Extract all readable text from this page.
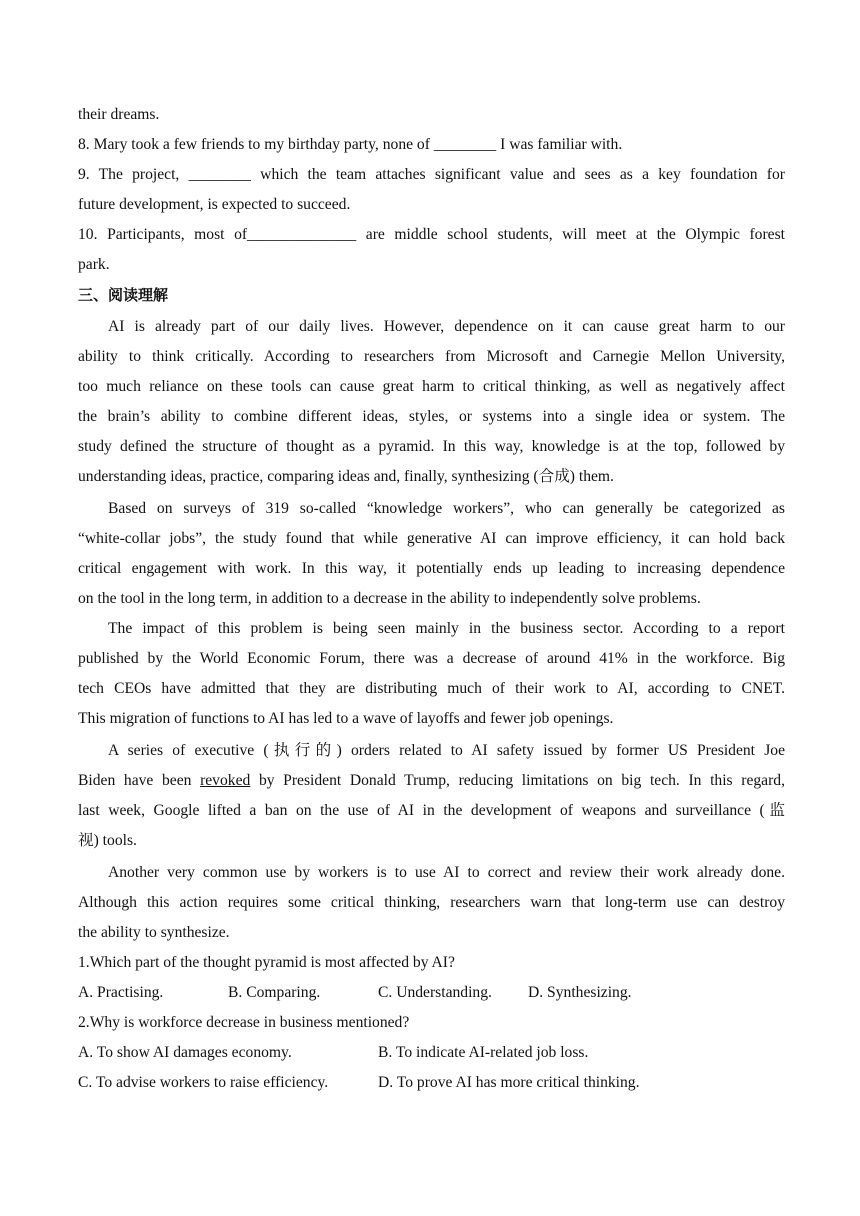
their dreams.
8. Mary took a few friends to my birthday party, none of ________ I was familiar with.
9. The project, ________ which the team attaches significant value and sees as a key foundation for
future development, is expected to succeed.
10. Participants, most of______________ are middle school students, will meet at the Olympic forest
park.
三、阅读理解
AI is already part of our daily lives. However, dependence on it can cause great harm to our
ability to think critically. According to researchers from Microsoft and Carnegie Mellon University,
too much reliance on these tools can cause great harm to critical thinking, as well as negatively affect
the brain’s ability to combine different ideas, styles, or systems into a single idea or system. The
study defined the structure of thought as a pyramid. In this way, knowledge is at the top, followed by
understanding ideas, practice, comparing ideas and, finally, synthesizing (合成) them.
Based on surveys of 319 so-called “knowledge workers”, who can generally be categorized as
“white-collar jobs”, the study found that while generative AI can improve efficiency, it can hold back
critical engagement with work. In this way, it potentially ends up leading to increasing dependence
on the tool in the long term, in addition to a decrease in the ability to independently solve problems.
The impact of this problem is being seen mainly in the business sector. According to a report
published by the World Economic Forum, there was a decrease of around 41% in the workforce. Big
tech CEOs have admitted that they are distributing much of their work to AI, according to CNET.
This migration of functions to AI has led to a wave of layoffs and fewer job openings.
A series of executive (执行的) orders related to AI safety issued by former US President Joe
Biden have been revoked by President Donald Trump, reducing limitations on big tech. In this regard,
last week, Google lifted a ban on the use of AI in the development of weapons and surveillance (监
视) tools.
Another very common use by workers is to use AI to correct and review their work already done.
Although this action requires some critical thinking, researchers warn that long-term use can destroy
the ability to synthesize.
1.Which part of the thought pyramid is most affected by AI?
A. Practising.	B. Comparing.	C. Understanding.	D. Synthesizing.
2.Why is workforce decrease in business mentioned?
A. To show AI damages economy.	B. To indicate AI-related job loss.
C. To advise workers to raise efficiency.	D. To prove AI has more critical thinking.
